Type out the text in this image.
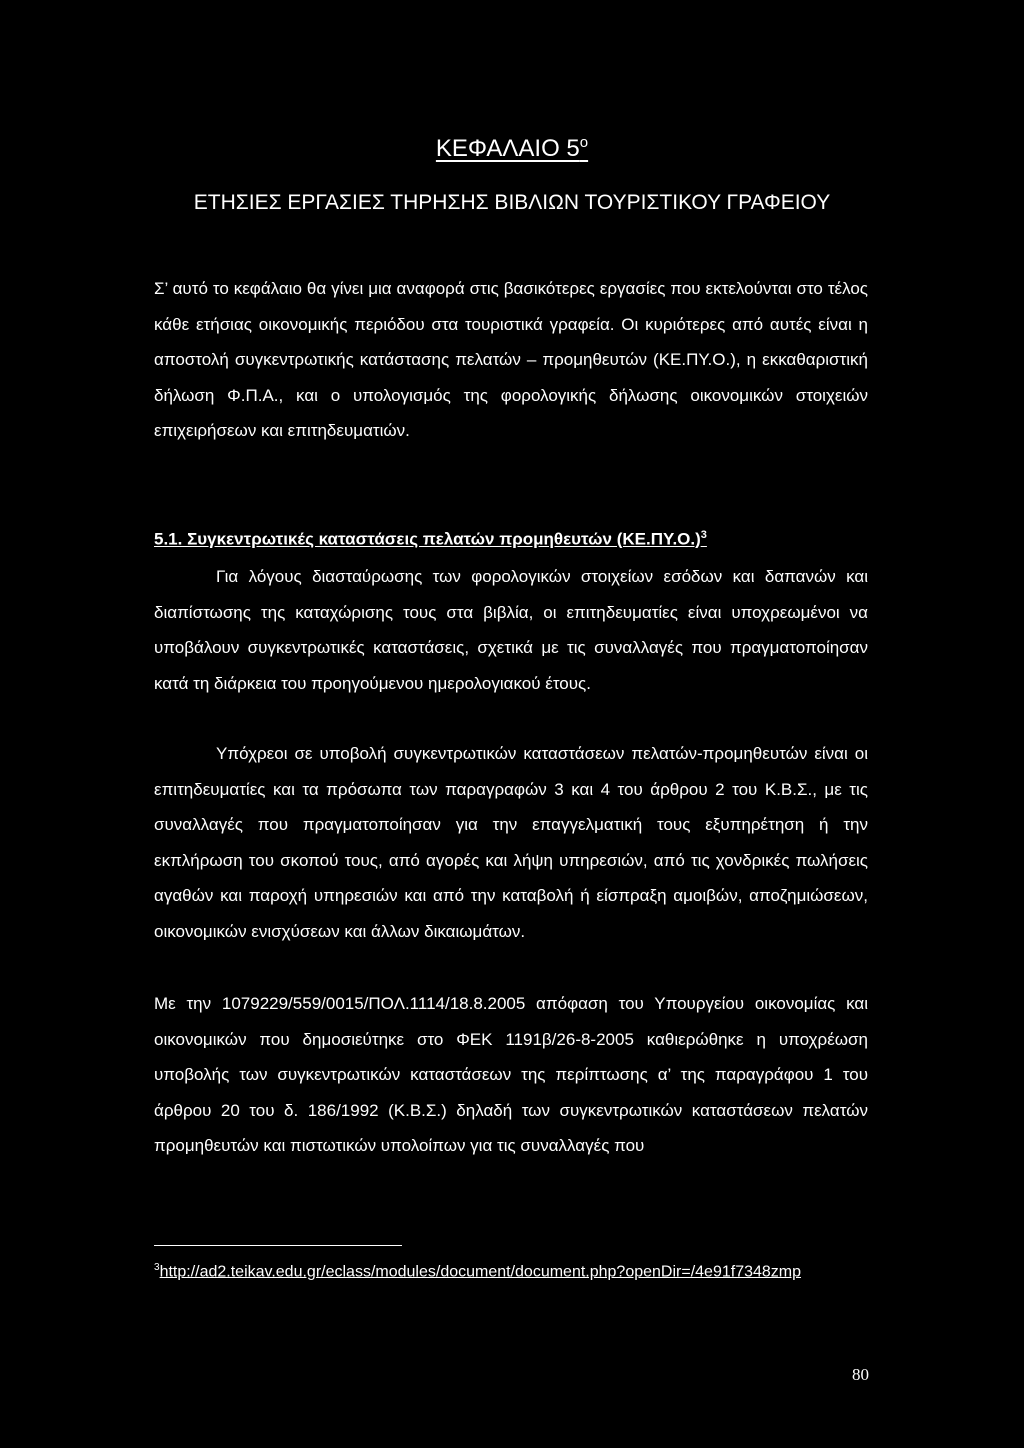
ΚΕΦΑΛΑΙΟ $5^o$
ΕΤΗΣΙΕΣ ΕΡΓΑΣΙΕΣ ΤΗΡΗΣΗΣ ΒΙΒΛΙΩΝ ΤΟΥΡΙΣΤΙΚΟΥ ΓΡΑΦΕΙΟΥ

Σ’ αυτό το κεφάλαιο θα γίνει μια αναφορά στις βασικότερες εργασίες που εκτελούνται στο τέλος κάθε ετήσιας οικονομικής περιόδου στα τουριστικά γραφεία. Οι κυριότερες από αυτές είναι η αποστολή συγκεντρωτικής κατάστασης πελατών – προμηθευτών (ΚΕ.ΠΥ.Ο.), η εκκαθαριστική δήλωση Φ.Π.Α., και ο υπολογισμός της φορολογικής δήλωσης οικονομικών στοιχειών επιχειρήσεων και επιτηδευματιών.

5.1. Συγκεντρωτικές καταστάσεις πελατών προμηθευτών $(KE.\Pi\Upsilon.O.)^3$

Για λόγους διασταύρωσης των φορολογικών στοιχείων εσόδων και δαπανών και διαπίστωσης της καταχώρισης τους στα βιβλία, οι επιτηδευματίες είναι υποχρεωμένοι να υποβάλουν συγκεντρωτικές καταστάσεις, σχετικά με τις συναλλαγές που πραγματοποίησαν κατά τη διάρκεια του προηγούμενου ημερολογιακού έτους.

Υπόχρεοι σε υποβολή συγκεντρωτικών καταστάσεων πελατών-προμηθευτών είναι οι επιτηδευματίες και τα πρόσωπα των παραγραφών 3 και 4 του άρθρου 2 του Κ.Β.Σ., με τις συναλλαγές που πραγματοποίησαν για την επαγγελματική τους εξυπηρέτηση ή την εκπλήρωση του σκοπού τους, από αγορές και λήψη υπηρεσιών, από τις χονδρικές πωλήσεις αγαθών και παροχή υπηρεσιών και από την καταβολή ή είσπραξη αμοιβών, αποζημιώσεων, οικονομικών ενισχύσεων και άλλων δικαιωμάτων.

Με την 1079229/559/0015/ΠΟΛ.1114/18.8.2005 απόφαση του Υπουργείου οικονομίας και οικονομικών που δημοσιεύτηκε στο ΦΕΚ 1191β/26-8-2005 καθιερώθηκε η υποχρέωση υποβολής των συγκεντρωτικών καταστάσεων της περίπτωσης α’ της παραγράφου 1 του άρθρου 20 του δ. 186/1992 (Κ.Β.Σ.) δηλαδή των συγκεντρωτικών καταστάσεων πελατών προμηθευτών και πιστωτικών υπολοίπων για τις συναλλαγές που

$^3$http://ad2.teikav.edu.gr/eclass/modules/document/document.php?openDir=/4e91f7348zmp
80
